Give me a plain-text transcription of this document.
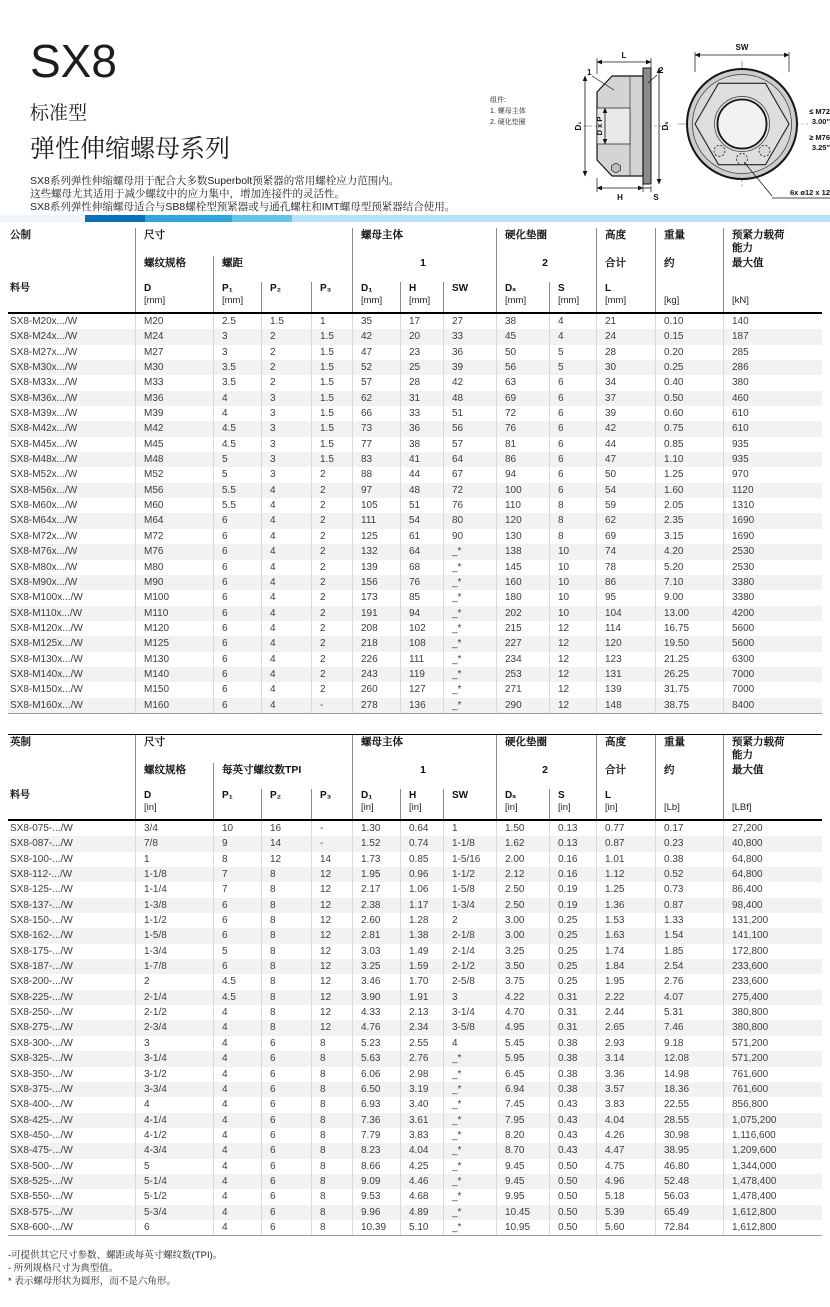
SX8
标准型
弹性伸缩螺母系列
SX8系列弹性伸缩螺母用于配合大多数Superbolt预紧器的常用螺栓应力范围内。
这些螺母尤其适用于减少螺纹中的应力集中，增加连接件的灵活性。
SX8系列弹性伸缩螺母适合与SB8螺栓型预紧器或与通孔螺柱和IMT螺母型预紧器结合使用。
组件:
1. 螺母主体
2. 硬化垫圈
L
1	2
D₁ D x P	Dₛ
H	S
SW
≤ M72
3.00"
≥ M76
3.25"
6x ø12 x 12
公制	尺寸	螺母主体	硬化垫圈	高度	重量	预紧力载荷能力
螺纹规格	螺距	1	2	合计	约	最大值
料号
	D
[mm]
P₁
[mm]
P₂
	P₃
	D₁
[mm]
H
[mm]
SW
	Dₛ
[mm]
S
[mm]
L
[mm]
	[kg]
	[kN]
SX8-M20x.../W	M20	2.5	1.5	1	35	17	27	38	4	21	0.10	140
SX8-M24x.../W	M24	3	2	1.5	42	20	33	45	4	24	0.15	187
SX8-M27x.../W	M27	3	2	1.5	47	23	36	50	5	28	0.20	285
SX8-M30x.../W	M30	3.5	2	1.5	52	25	39	56	5	30	0.25	286
SX8-M33x.../W	M33	3.5	2	1.5	57	28	42	63	6	34	0.40	380
SX8-M36x.../W	M36	4	3	1.5	62	31	48	69	6	37	0.50	460
SX8-M39x.../W	M39	4	3	1.5	66	33	51	72	6	39	0.60	610
SX8-M42x.../W	M42	4.5	3	1.5	73	36	56	76	6	42	0.75	610
SX8-M45x.../W	M45	4.5	3	1.5	77	38	57	81	6	44	0.85	935
SX8-M48x.../W	M48	5	3	1.5	83	41	64	86	6	47	1.10	935
SX8-M52x.../W	M52	5	3	2	88	44	67	94	6	50	1.25	970
SX8-M56x.../W	M56	5.5	4	2	97	48	72	100	6	54	1.60	1120
SX8-M60x.../W	M60	5.5	4	2	105	51	76	110	8	59	2.05	1310
SX8-M64x.../W	M64	6	4	2	111	54	80	120	8	62	2.35	1690
SX8-M72x.../W	M72	6	4	2	125	61	90	130	8	69	3.15	1690
SX8-M76x.../W	M76	6	4	2	132	64	_*	138	10	74	4.20	2530
SX8-M80x.../W	M80	6	4	2	139	68	_*	145	10	78	5.20	2530
SX8-M90x.../W	M90	6	4	2	156	76	_*	160	10	86	7.10	3380
SX8-M100x.../W	M100	6	4	2	173	85	_*	180	10	95	9.00	3380
SX8-M110x.../W	M110	6	4	2	191	94	_*	202	10	104	13.00	4200
SX8-M120x.../W	M120	6	4	2	208	102	_*	215	12	114	16.75	5600
SX8-M125x.../W	M125	6	4	2	218	108	_*	227	12	120	19.50	5600
SX8-M130x.../W	M130	6	4	2	226	111	_*	234	12	123	21.25	6300
SX8-M140x.../W	M140	6	4	2	243	119	_*	253	12	131	26.25	7000
SX8-M150x.../W	M150	6	4	2	260	127	_*	271	12	139	31.75	7000
SX8-M160x.../W	M160	6	4	-	278	136	_*	290	12	148	38.75	8400
英制	尺寸	螺母主体	硬化垫圈	高度	重量	预紧力载荷能力
螺纹规格	每英寸螺纹数TPI	1	2	合计	约	最大值
料号
	D
[in]
P₁
	P₂
	P₃
	D₁
[in]
H
[in]
SW
	Dₛ
[in]
S
[in]
L
[in]
	[Lb]
	[LBf]
SX8-075-.../W	3/4	10	16	-	1.30	0.64	1	1.50	0.13	0.77	0.17	27,200
SX8-087-.../W	7/8	9	14	-	1.52	0.74	1-1/8	1.62	0.13	0.87	0.23	40,800
SX8-100-.../W	1	8	12	14	1.73	0.85	1-5/16	2.00	0.16	1.01	0.38	64,800
SX8-112-.../W	1-1/8	7	8	12	1.95	0.96	1-1/2	2.12	0.16	1.12	0.52	64,800
SX8-125-.../W	1-1/4	7	8	12	2.17	1.06	1-5/8	2.50	0.19	1.25	0.73	86,400
SX8-137-.../W	1-3/8	6	8	12	2.38	1.17	1-3/4	2.50	0.19	1.36	0.87	98,400
SX8-150-.../W	1-1/2	6	8	12	2.60	1.28	2	3.00	0.25	1.53	1.33	131,200
SX8-162-.../W	1-5/8	6	8	12	2.81	1.38	2-1/8	3.00	0.25	1.63	1.54	141,100
SX8-175-.../W	1-3/4	5	8	12	3.03	1.49	2-1/4	3.25	0.25	1.74	1.85	172,800
SX8-187-.../W	1-7/8	6	8	12	3.25	1.59	2-1/2	3.50	0.25	1.84	2.54	233,600
SX8-200-.../W	2	4.5	8	12	3.46	1.70	2-5/8	3.75	0.25	1.95	2.76	233,600
SX8-225-.../W	2-1/4	4.5	8	12	3.90	1.91	3	4.22	0.31	2.22	4.07	275,400
SX8-250-.../W	2-1/2	4	8	12	4.33	2.13	3-1/4	4.70	0.31	2.44	5.31	380,800
SX8-275-.../W	2-3/4	4	8	12	4.76	2.34	3-5/8	4.95	0.31	2.65	7.46	380,800
SX8-300-.../W	3	4	6	8	5.23	2.55	4	5.45	0.38	2.93	9.18	571,200
SX8-325-.../W	3-1/4	4	6	8	5.63	2.76	_*	5.95	0.38	3.14	12.08	571,200
SX8-350-.../W	3-1/2	4	6	8	6.06	2.98	_*	6.45	0.38	3.36	14.98	761,600
SX8-375-.../W	3-3/4	4	6	8	6.50	3.19	_*	6.94	0.38	3.57	18.36	761,600
SX8-400-.../W	4	4	6	8	6.93	3.40	_*	7.45	0.43	3.83	22.55	856,800
SX8-425-.../W	4-1/4	4	6	8	7.36	3.61	_*	7.95	0.43	4.04	28.55	1,075,200
SX8-450-.../W	4-1/2	4	6	8	7.79	3.83	_*	8.20	0.43	4.26	30.98	1,116,600
SX8-475-.../W	4-3/4	4	6	8	8.23	4.04	_*	8.70	0.43	4.47	38.95	1,209,600
SX8-500-.../W	5	4	6	8	8.66	4.25	_*	9.45	0.50	4.75	46.80	1,344,000
SX8-525-.../W	5-1/4	4	6	8	9.09	4.46	_*	9.45	0.50	4.96	52.48	1,478,400
SX8-550-.../W	5-1/2	4	6	8	9.53	4.68	_*	9.95	0.50	5.18	56.03	1,478,400
SX8-575-.../W	5-3/4	4	6	8	9.96	4.89	_*	10.45	0.50	5.39	65.49	1,612,800
SX8-600-.../W	6	4	6	8	10.39	5.10	_*	10.95	0.50	5.60	72.84	1,612,800
-可提供其它尺寸参数、螺距或每英寸螺纹数(TPI)。
- 所列规格尺寸为典型值。
* 表示螺母形状为圆形，而不是六角形。
